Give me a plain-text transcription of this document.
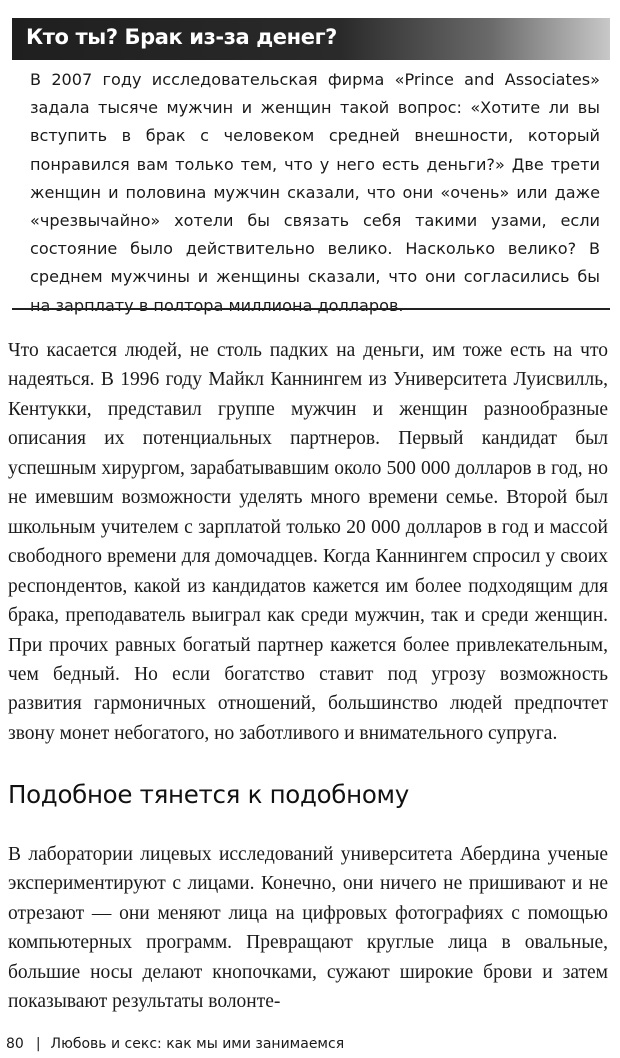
Кто ты? Брак из-за денег?

В 2007 году исследовательская фирма «Prince and Associates» задала тысяче мужчин и женщин такой вопрос: «Хотите ли вы вступить в брак с человеком средней внешности, который понравился вам только тем, что у него есть деньги?» Две трети женщин и половина мужчин сказали, что они «очень» или даже «чрезвычайно» хотели бы связать себя такими узами, если состояние было действительно велико. Насколько велико? В среднем мужчины и женщины сказали, что они согласились бы на зарплату в полтора миллиона долларов.

Что касается людей, не столь падких на деньги, им тоже есть на что надеяться. В 1996 году Майкл Каннингем из Университета Луисвилль, Кентукки, представил группе мужчин и женщин разнообразные описания их потенциальных партнеров. Первый кандидат был успешным хирургом, зарабатывавшим около 500 000 долларов в год, но не имевшим возможности уделять много времени семье. Второй был школьным учителем с зарплатой только 20 000 долларов в год и массой свободного времени для домочадцев. Когда Каннингем спросил у своих респондентов, какой из кандидатов кажется им более подходящим для брака, преподаватель выиграл как среди мужчин, так и среди женщин. При прочих равных богатый партнер кажется более привлекательным, чем бедный. Но если богатство ставит под угрозу возможность развития гармоничных отношений, большинство людей предпочтет звону монет небогатого, но заботливого и внимательного супруга.

Подобное тянется к подобному

В лаборатории лицевых исследований университета Абердина ученые экспериментируют с лицами. Конечно, они ничего не пришивают и не отрезают — они меняют лица на цифровых фотографиях с помощью компьютерных программ. Превращают круглые лица в овальные, большие носы делают кнопочками, сужают широкие брови и затем показывают результаты волонте-

80 | Любовь и секс: как мы ими занимаемся
